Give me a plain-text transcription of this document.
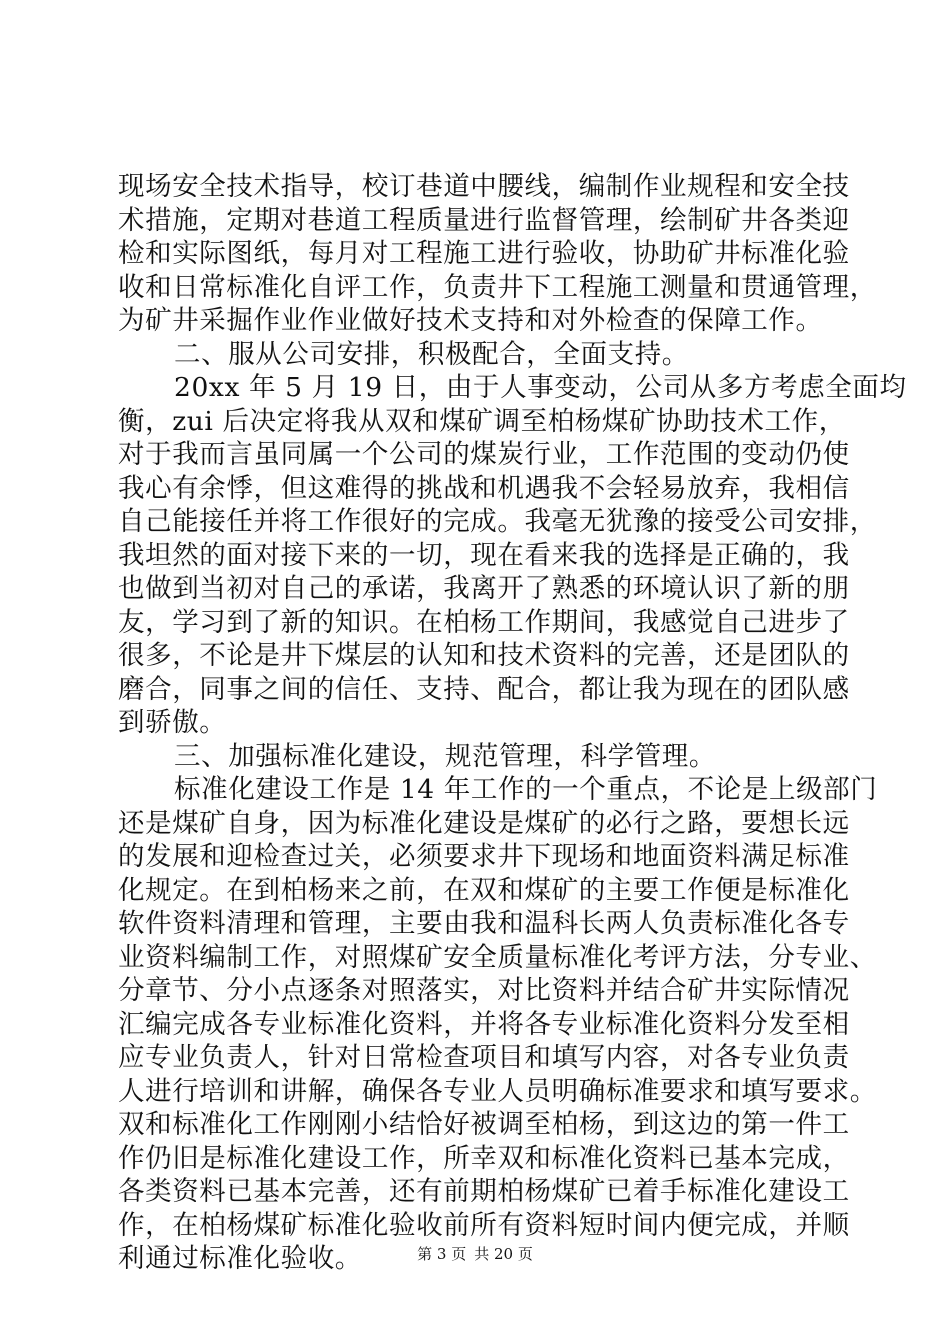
现场安全技术指导，校订巷道中腰线，编制作业规程和安全技
术措施，定期对巷道工程质量进行监督管理，绘制矿井各类迎
检和实际图纸，每月对工程施工进行验收，协助矿井标准化验
收和日常标准化自评工作，负责井下工程施工测量和贯通管理，
为矿井采掘作业作业做好技术支持和对外检查的保障工作。
二、服从公司安排，积极配合，全面支持。
20xx 年 5 月 19 日，由于人事变动，公司从多方考虑全面均
衡，zui 后决定将我从双和煤矿调至柏杨煤矿协助技术工作，
对于我而言虽同属一个公司的煤炭行业，工作范围的变动仍使
我心有余悸，但这难得的挑战和机遇我不会轻易放弃，我相信
自己能接任并将工作很好的完成。我毫无犹豫的接受公司安排，
我坦然的面对接下来的一切，现在看来我的选择是正确的，我
也做到当初对自己的承诺，我离开了熟悉的环境认识了新的朋
友，学习到了新的知识。在柏杨工作期间，我感觉自己进步了
很多，不论是井下煤层的认知和技术资料的完善，还是团队的
磨合，同事之间的信任、支持、配合，都让我为现在的团队感
到骄傲。
三、加强标准化建设，规范管理，科学管理。
标准化建设工作是 14 年工作的一个重点，不论是上级部门
还是煤矿自身，因为标准化建设是煤矿的必行之路，要想长远
的发展和迎检查过关，必须要求井下现场和地面资料满足标准
化规定。在到柏杨来之前，在双和煤矿的主要工作便是标准化
软件资料清理和管理，主要由我和温科长两人负责标准化各专
业资料编制工作，对照煤矿安全质量标准化考评方法，分专业、
分章节、分小点逐条对照落实，对比资料并结合矿井实际情况
汇编完成各专业标准化资料，并将各专业标准化资料分发至相
应专业负责人，针对日常检查项目和填写内容，对各专业负责
人进行培训和讲解，确保各专业人员明确标准要求和填写要求。
双和标准化工作刚刚小结恰好被调至柏杨，到这边的第一件工
作仍旧是标准化建设工作，所幸双和标准化资料已基本完成，
各类资料已基本完善，还有前期柏杨煤矿已着手标准化建设工
作，在柏杨煤矿标准化验收前所有资料短时间内便完成，并顺
利通过标准化验收。	第 3 页 共 20 页
